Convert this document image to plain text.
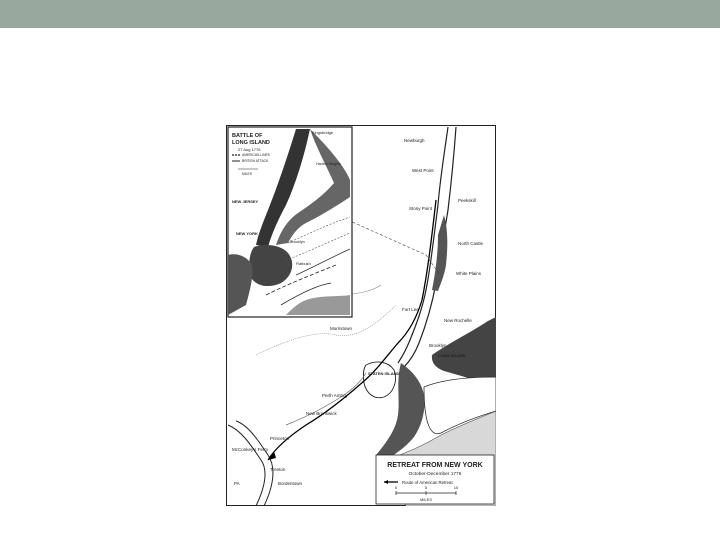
Newburgh
West Point
Peekskill
Stony Point
North Castle
White Plains
Fort Lee
New Rochelle
Morristown
LONG ISLAND
Brooklyn
STATEN ISLAND
Perth Amboy
New Brunswick
Princeton
McConkey's Ferry
Trenton
Bordentown
PA
RETREAT FROM NEW YORK
October-December 1776
Route of American Retreat
0	5	10
MILES
BATTLE OF
LONG ISLAND
27 Aug 1776
AMERICAN LINES
BRITISH ATTACK
MILES
NEW JERSEY
NEW YORK
Kingsbridge
Harlem Heights
Brooklyn
Flatbush
